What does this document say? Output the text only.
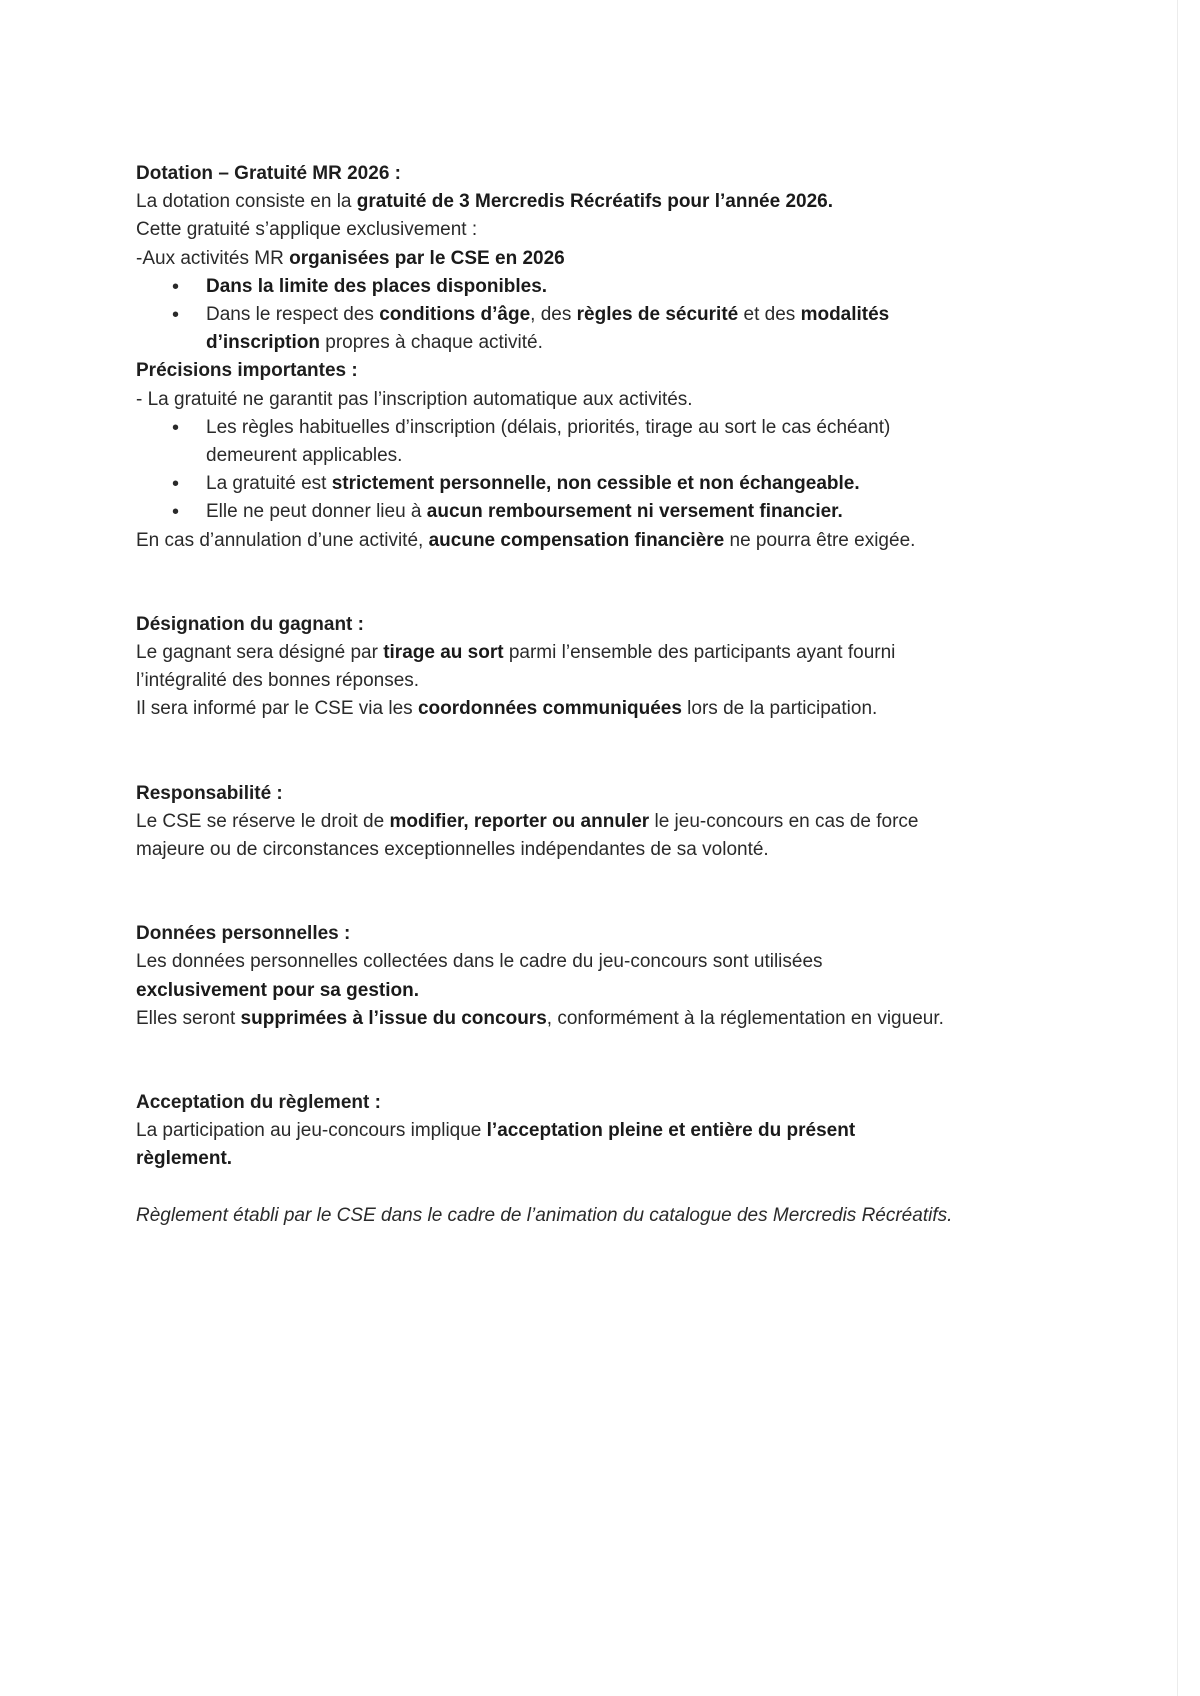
Dotation – Gratuité MR 2026 :

La dotation consiste en la gratuité de 3 Mercredis Récréatifs pour l’année 2026.

Cette gratuité s’applique exclusivement :

-Aux activités MR organisées par le CSE en 2026

• Dans la limite des places disponibles.
• Dans le respect des conditions d’âge, des règles de sécurité et des modalités d’inscription propres à chaque activité.
Précisions importantes :

- La gratuité ne garantit pas l’inscription automatique aux activités.

• Les règles habituelles d’inscription (délais, priorités, tirage au sort le cas échéant) demeurent applicables.
• La gratuité est strictement personnelle, non cessible et non échangeable.
• Elle ne peut donner lieu à aucun remboursement ni versement financier.

En cas d’annulation d’une activité, aucune compensation financière ne pourra être exigée.

Désignation du gagnant :

Le gagnant sera désigné par tirage au sort parmi l’ensemble des participants ayant fourni l’intégralité des bonnes réponses.

Il sera informé par le CSE via les coordonnées communiquées lors de la participation.

Responsabilité :

Le CSE se réserve le droit de modifier, reporter ou annuler le jeu-concours en cas de force majeure ou de circonstances exceptionnelles indépendantes de sa volonté.

Données personnelles :

Les données personnelles collectées dans le cadre du jeu-concours sont utilisées exclusivement pour sa gestion.

Elles seront supprimées à l’issue du concours, conformément à la réglementation en vigueur.

Acceptation du règlement :

La participation au jeu-concours implique l’acceptation pleine et entière du présent règlement.

Règlement établi par le CSE dans le cadre de l’animation du catalogue des Mercredis Récréatifs.
